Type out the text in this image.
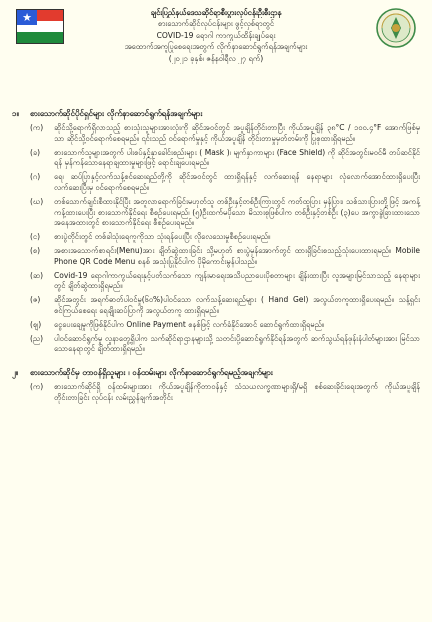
★	ချင်းပြည်နယ်ဒေသဆိုင်ရာစီးပွားလုပ်ငန်းဦးစီးဌာန
စားသောက်ဆိုင်လုပ်ငန်းများ ဖွင့်လှစ်ရာတွင်
COVID-19 ရောဂါ ကာကွယ်ထိန်းချုပ်ရေး
အထောက်အကူပြုစေရေးအတွက် လိုက်နာဆောင်ရွက်ရန်အချက်များ
(၂၀၂၁ ခုနှစ်၊ ဇန်နဝါရီလ ၂၇ ရက်)
၁။ စားသောက်ဆိုင်ပိုင်ရှင်များ လိုက်နာဆောင်ရွက်ရန်အချက်များ
(က)	ဆိုင်သို့ရောက်ရှိလာသည့် စားသုံးသူများအားလုံးကို ဆိုင်အဝင်တွင် အပူချိန်တိုင်းတာပြီး ကိုယ်အပူချိန် ၃၈°C / ၁၀၀.၄°F အောက်ဖြစ်မှသာ ဆိုင်သို့ဝင်ရောက်စေရမည်။ ၎င်းသည် ဝင်ရောက်မှုနှင့် ကိုယ်အပူချိန် တိုင်းတာမှုမှတ်တမ်းကို ပြုစုထားရှိရမည်။
(ခ)	စားသောက်သူများအတွက် ပါးစပ်နှင့်နှာခေါင်းစည်းများ ( Mask )၊ မျက်နှာကာများ (Face Shield) ကို ဆိုင်အတွင်းမဝင်မီ တပ်ဆင်နိုင်ရန် မှန်ကန်သောနေရာချထားမှုများဖြင့် ရောင်းချပေးရမည်။
(ဂ)	ရေ၊ ဆပ်ပြာနှင့်လက်သန့်စင်ဆေးရည်တို့ကို ဆိုင်အဝင်တွင် ထားရှိရန်နှင့် လက်ဆေးရန် နေရာများ လုံလောက်အောင်ထားရှိပေးပြီး လက်ဆေးပြီးမှ ဝင်ရောက်စေရမည်။
(ဃ)	တစ်သောက်ချင်းစီထားနိုင်ပြီး အတူလာရောက်ခြင်းမဟုတ်သူ တစ်ဦးနှင့်တစ်ဦးကြားတွင် ကတ်ထူပြား မှန်ပြား၊ သစ်သားပြားတို့ဖြင့် အကန့် ကန့်ထားပေးပြီး စားသောက်နိုင်ရေး စီစဉ်ပေးရမည်၊ (၅)ဦးထက်မပိုသော မိသားစုဖြစ်ပါက တစ်ဦးနှင့်တစ်ဦး (၃)ပေ အကွာခွဲခြားထားသောအနေအထားတွင် စားသောက်နိုင်ရေး စီစဉ်ပေးရမည်။
(င)	စားပွဲတိုင်းတွင် တစ်ခါသုံးရေကူကိုသာ သုံးရန်ပေးပြီး လိုလေသေးမှုစီစဉ်ပေးရမည်။
(စ)	အစားအသောက်စာရင်း(Menu)အား ချိတ်ဆွဲထားခြင်း သို့မဟုတ် စားပွဲမှန်အောက်တွင် ထားရှိခြင်းစသည့်သုံးပေးထားရမည်။ Mobile Phone QR Code Menu စနစ် အသုံးပြုနိုင်ပါက ပိုမိုကောင်းမွန်ပါသည်။
(ဆ)	Covid-19 ရောဂါကာကွယ်ရေးနှင့်ပတ်သက်သော ကျန်းမာရေးအသိပညာပေးပိုစတာများ ချိန်းထားပြီး လူအများမြင်သာသည့် နေရာများတွင် ချိတ်ဆွဲထားရှိရမည်။
(ဇ)	ဆိုင်အတွင်း အရက်ဓာတ်ပါဝင်မှု(၆၀%)ပါဝင်သော လက်သန့်ဆေးရည်များ ( Hand Gel) အလွယ်တကူထားရှိပေးရမည်။ သန့်ရှင်းစင်ကြယ်စေရေး ရေချိုးဆပ်ပြာကို အလွယ်တကူ ထားရှိရမည်။
(ဈ)	ငွေပေးချေမှုကိုဖြစ်နိုင်ပါက Online Payment စနစ်ဖြင့် လက်ခံနိုင်အောင် ဆောင်ရွက်ထားရှိရမည်။
(ည)	ပါဝင်ဆောင်ရွက်မှု လူနာတွေ့ရှိပါက သက်ဆိုင်ရာဌာနများသို့ သတင်းပို့ဆောင်ရွက်နိုင်ရန်အတွက် ဆက်သွယ်ရန်ဖုန်းနံပါတ်များအား မြင်သာသောနေရာတွင် ချိတ်ထားရှိရမည်။
၂။ စားသောက်ဆိုင်မှ တာဝန်ရှိသူများ ၊ ဝန်ထမ်းများ လိုက်နာဆောင်ရွက်ရမည့်အချက်များ
(က)	စားသောက်ဆိုင်ရှိ ဝန်ထမ်းများအား ကိုယ်အပူချိန်ကိုတာဝန်နှင့် သံသယလက္ခဏာများရှိ/မရှိ စစ်ဆေးခိုင်းရေးအတွက် ကိုယ်အပူချိန်တိုင်းတာခြင်း လုပ်ငန်း လမ်းညွှန်ချက်အတိုင်း
